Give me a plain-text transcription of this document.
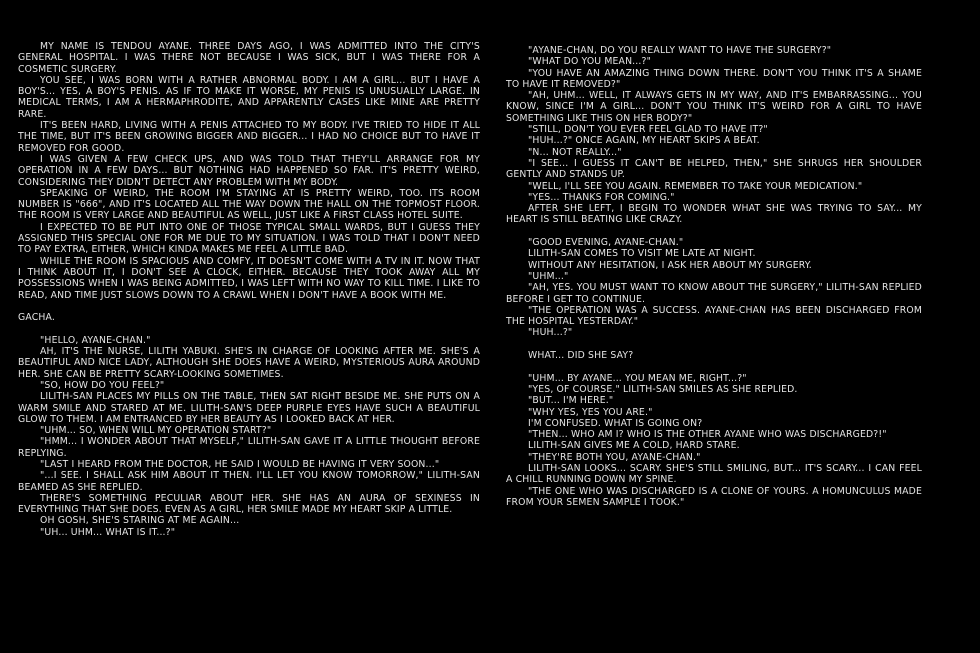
MY NAME IS TENDOU AYANE. THREE DAYS AGO, I WAS ADMITTED INTO THE CITY'S GENERAL HOSPITAL. I WAS THERE NOT BECAUSE I WAS SICK, BUT I WAS THERE FOR A COSMETIC SURGERY.

YOU SEE, I WAS BORN WITH A RATHER ABNORMAL BODY. I AM A GIRL... BUT I HAVE A BOY'S... YES, A BOY'S PENIS. AS IF TO MAKE IT WORSE, MY PENIS IS UNUSUALLY LARGE. IN MEDICAL TERMS, I AM A HERMAPHRODITE, AND APPARENTLY CASES LIKE MINE ARE PRETTY RARE.

IT'S BEEN HARD, LIVING WITH A PENIS ATTACHED TO MY BODY. I'VE TRIED TO HIDE IT ALL THE TIME, BUT IT'S BEEN GROWING BIGGER AND BIGGER... I HAD NO CHOICE BUT TO HAVE IT REMOVED FOR GOOD.

I WAS GIVEN A FEW CHECK UPS, AND WAS TOLD THAT THEY'LL ARRANGE FOR MY OPERATION IN A FEW DAYS... BUT NOTHING HAD HAPPENED SO FAR. IT'S PRETTY WEIRD, CONSIDERING THEY DIDN'T DETECT ANY PROBLEM WITH MY BODY.

SPEAKING OF WEIRD, THE ROOM I'M STAYING AT IS PRETTY WEIRD, TOO. ITS ROOM NUMBER IS "666", AND IT'S LOCATED ALL THE WAY DOWN THE HALL ON THE TOPMOST FLOOR. THE ROOM IS VERY LARGE AND BEAUTIFUL AS WELL, JUST LIKE A FIRST CLASS HOTEL SUITE.

I EXPECTED TO BE PUT INTO ONE OF THOSE TYPICAL SMALL WARDS, BUT I GUESS THEY ASSIGNED THIS SPECIAL ONE FOR ME DUE TO MY SITUATION. I WAS TOLD THAT I DON'T NEED TO PAY EXTRA, EITHER, WHICH KINDA MAKES ME FEEL A LITTLE BAD.

WHILE THE ROOM IS SPACIOUS AND COMFY, IT DOESN'T COME WITH A TV IN IT. NOW THAT I THINK ABOUT IT, I DON'T SEE A CLOCK, EITHER. BECAUSE THEY TOOK AWAY ALL MY POSSESSIONS WHEN I WAS BEING ADMITTED, I WAS LEFT WITH NO WAY TO KILL TIME. I LIKE TO READ, AND TIME JUST SLOWS DOWN TO A CRAWL WHEN I DON'T HAVE A BOOK WITH ME.

GACHA.

"HELLO, AYANE-CHAN."

AH, IT'S THE NURSE, LILITH YABUKI. SHE'S IN CHARGE OF LOOKING AFTER ME. SHE'S A BEAUTIFUL AND NICE LADY, ALTHOUGH SHE DOES HAVE A WEIRD, MYSTERIOUS AURA AROUND HER. SHE CAN BE PRETTY SCARY-LOOKING SOMETIMES.

"SO, HOW DO YOU FEEL?"

LILITH-SAN PLACES MY PILLS ON THE TABLE, THEN SAT RIGHT BESIDE ME. SHE PUTS ON A WARM SMILE AND STARED AT ME. LILITH-SAN'S DEEP PURPLE EYES HAVE SUCH A BEAUTIFUL GLOW TO THEM. I AM ENTRANCED BY HER BEAUTY AS I LOOKED BACK AT HER.

"UHM... SO, WHEN WILL MY OPERATION START?"

"HMM... I WONDER ABOUT THAT MYSELF," LILITH-SAN GAVE IT A LITTLE THOUGHT BEFORE REPLYING.

"LAST I HEARD FROM THE DOCTOR, HE SAID I WOULD BE HAVING IT VERY SOON..."

"...I SEE. I SHALL ASK HIM ABOUT IT THEN. I'LL LET YOU KNOW TOMORROW," LILITH-SAN BEAMED AS SHE REPLIED.

THERE'S SOMETHING PECULIAR ABOUT HER. SHE HAS AN AURA OF SEXINESS IN EVERYTHING THAT SHE DOES. EVEN AS A GIRL, HER SMILE MADE MY HEART SKIP A LITTLE.

OH GOSH, SHE'S STARING AT ME AGAIN...

"UH... UHM... WHAT IS IT...?"

"AYANE-CHAN, DO YOU REALLY WANT TO HAVE THE SURGERY?"

"WHAT DO YOU MEAN...?"

"YOU HAVE AN AMAZING THING DOWN THERE. DON'T YOU THINK IT'S A SHAME TO HAVE IT REMOVED?"

"AH, UHM... WELL, IT ALWAYS GETS IN MY WAY, AND IT'S EMBARRASSING... YOU KNOW, SINCE I'M A GIRL... DON'T YOU THINK IT'S WEIRD FOR A GIRL TO HAVE SOMETHING LIKE THIS ON HER BODY?"

"STILL, DON'T YOU EVER FEEL GLAD TO HAVE IT?"

"HUH...?" ONCE AGAIN, MY HEART SKIPS A BEAT.

"N... NOT REALLY..."

"I SEE... I GUESS IT CAN'T BE HELPED, THEN," SHE SHRUGS HER SHOULDER GENTLY AND STANDS UP.

"WELL, I'LL SEE YOU AGAIN. REMEMBER TO TAKE YOUR MEDICATION."

"YES... THANKS FOR COMING."

AFTER SHE LEFT, I BEGIN TO WONDER WHAT SHE WAS TRYING TO SAY... MY HEART IS STILL BEATING LIKE CRAZY.

"GOOD EVENING, AYANE-CHAN."

LILITH-SAN COMES TO VISIT ME LATE AT NIGHT.

WITHOUT ANY HESITATION, I ASK HER ABOUT MY SURGERY.

"UHM..."

"AH, YES. YOU MUST WANT TO KNOW ABOUT THE SURGERY," LILITH-SAN REPLIED BEFORE I GET TO CONTINUE.

"THE OPERATION WAS A SUCCESS. AYANE-CHAN HAS BEEN DISCHARGED FROM THE HOSPITAL YESTERDAY."

"HUH...?"

WHAT... DID SHE SAY?

"UHM... BY AYANE... YOU MEAN ME, RIGHT...?"

"YES, OF COURSE." LILITH-SAN SMILES AS SHE REPLIED.

"BUT... I'M HERE."

"WHY YES, YES YOU ARE."

I'M CONFUSED. WHAT IS GOING ON?

"THEN... WHO AM I? WHO IS THE OTHER AYANE WHO WAS DISCHARGED?!"

LILITH-SAN GIVES ME A COLD, HARD STARE.

"THEY'RE BOTH YOU, AYANE-CHAN."

LILITH-SAN LOOKS... SCARY. SHE'S STILL SMILING, BUT... IT'S SCARY... I CAN FEEL A CHILL RUNNING DOWN MY SPINE.

"THE ONE WHO WAS DISCHARGED IS A CLONE OF YOURS. A HOMUNCULUS MADE FROM YOUR SEMEN SAMPLE I TOOK."
